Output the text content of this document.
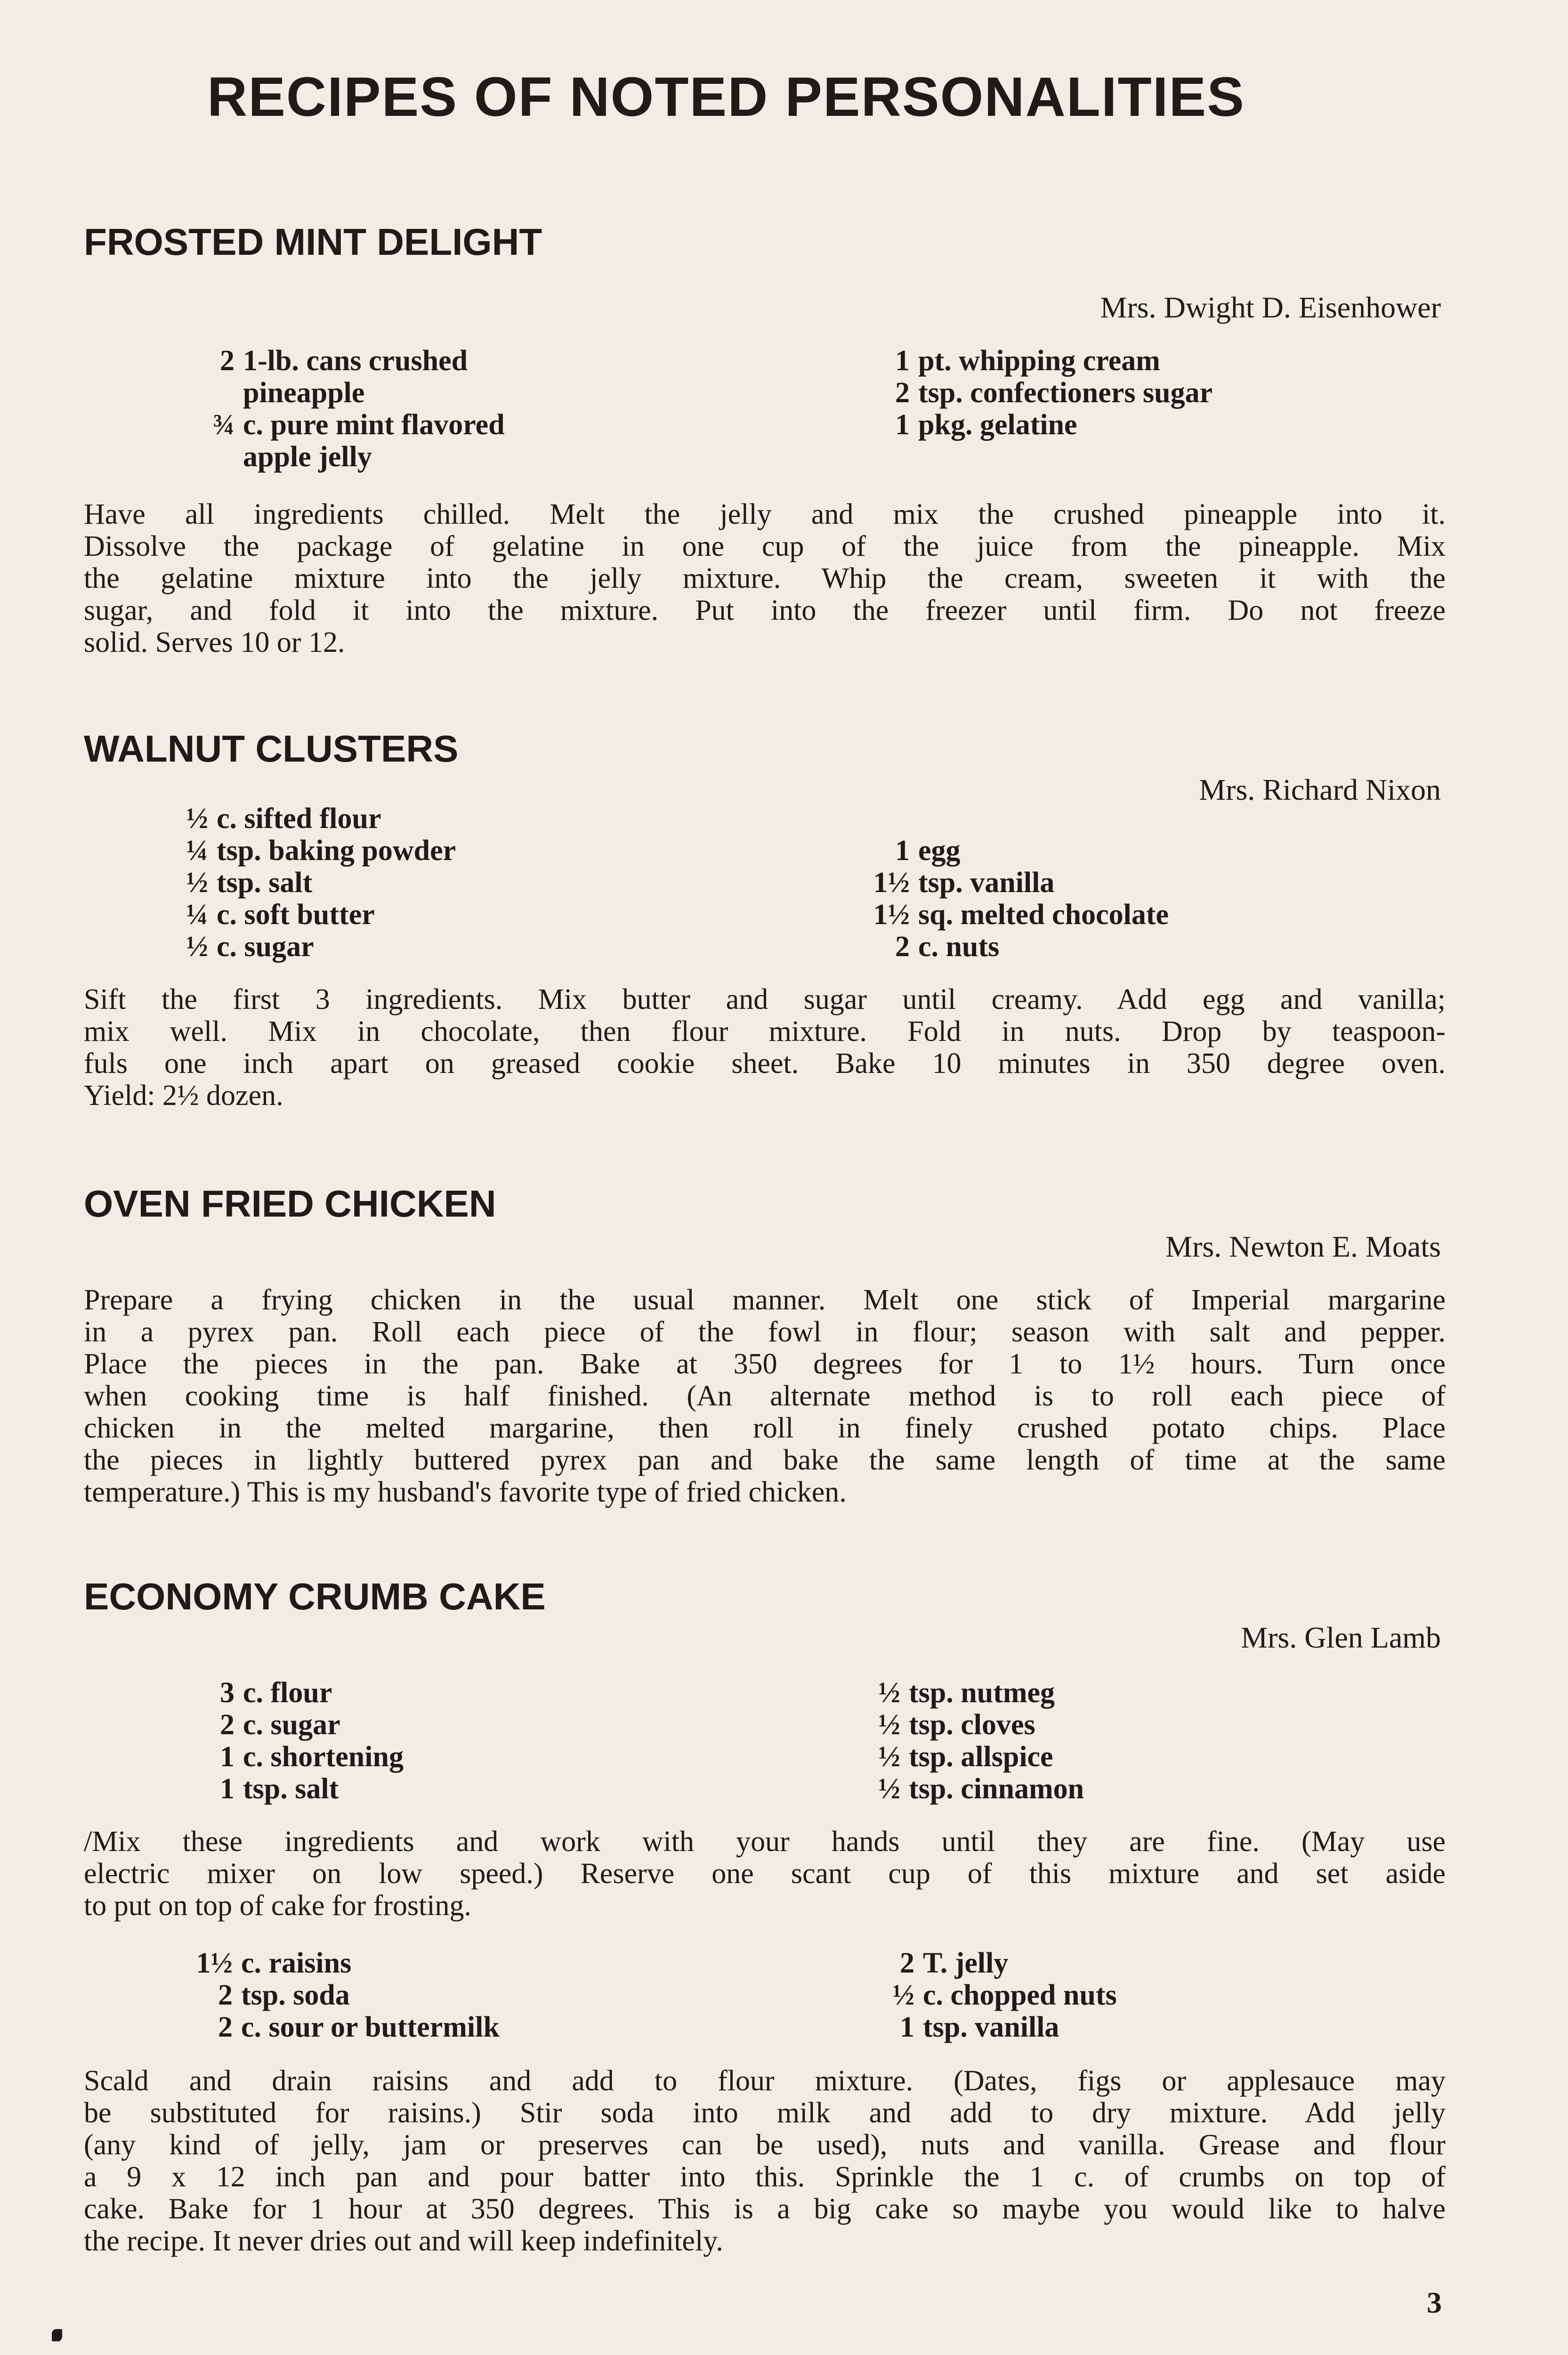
RECIPES OF NOTED PERSONALITIES
FROSTED MINT DELIGHT
Mrs. Dwight D. Eisenhower
2 1-lb. cans crushed
pineapple
¾ c. pure mint flavored
apple jelly
1 pt. whipping cream
2 tsp. confectioners sugar
1 pkg. gelatine
Have all ingredients chilled. Melt the jelly and mix the crushed pineapple into it.
Dissolve the package of gelatine in one cup of the juice from the pineapple. Mix
the gelatine mixture into the jelly mixture. Whip the cream, sweeten it with the
sugar, and fold it into the mixture. Put into the freezer until firm. Do not freeze
solid. Serves 10 or 12.
WALNUT CLUSTERS
Mrs. Richard Nixon
½ c. sifted flour
¼ tsp. baking powder
½ tsp. salt
¼ c. soft butter
½ c. sugar
1 egg
1½ tsp. vanilla
1½ sq. melted chocolate
2 c. nuts
Sift the first 3 ingredients. Mix butter and sugar until creamy. Add egg and vanilla;
mix well. Mix in chocolate, then flour mixture. Fold in nuts. Drop by teaspoon-
fuls one inch apart on greased cookie sheet. Bake 10 minutes in 350 degree oven.
Yield: 2½ dozen.
OVEN FRIED CHICKEN
Mrs. Newton E. Moats
Prepare a frying chicken in the usual manner. Melt one stick of Imperial margarine
in a pyrex pan. Roll each piece of the fowl in flour; season with salt and pepper.
Place the pieces in the pan. Bake at 350 degrees for 1 to 1½ hours. Turn once
when cooking time is half finished. (An alternate method is to roll each piece of
chicken in the melted margarine, then roll in finely crushed potato chips. Place
the pieces in lightly buttered pyrex pan and bake the same length of time at the same
temperature.) This is my husband's favorite type of fried chicken.
ECONOMY CRUMB CAKE
Mrs. Glen Lamb
3 c. flour
2 c. sugar
1 c. shortening
1 tsp. salt
½ tsp. nutmeg
½ tsp. cloves
½ tsp. allspice
½ tsp. cinnamon
/Mix these ingredients and work with your hands until they are fine. (May use
electric mixer on low speed.) Reserve one scant cup of this mixture and set aside
to put on top of cake for frosting.
1½ c. raisins
2 tsp. soda
2 c. sour or buttermilk
2 T. jelly
½ c. chopped nuts
1 tsp. vanilla
Scald and drain raisins and add to flour mixture. (Dates, figs or applesauce may
be substituted for raisins.) Stir soda into milk and add to dry mixture. Add jelly
(any kind of jelly, jam or preserves can be used), nuts and vanilla. Grease and flour
a 9 x 12 inch pan and pour batter into this. Sprinkle the 1 c. of crumbs on top of
cake. Bake for 1 hour at 350 degrees. This is a big cake so maybe you would like to halve
the recipe. It never dries out and will keep indefinitely.
3
